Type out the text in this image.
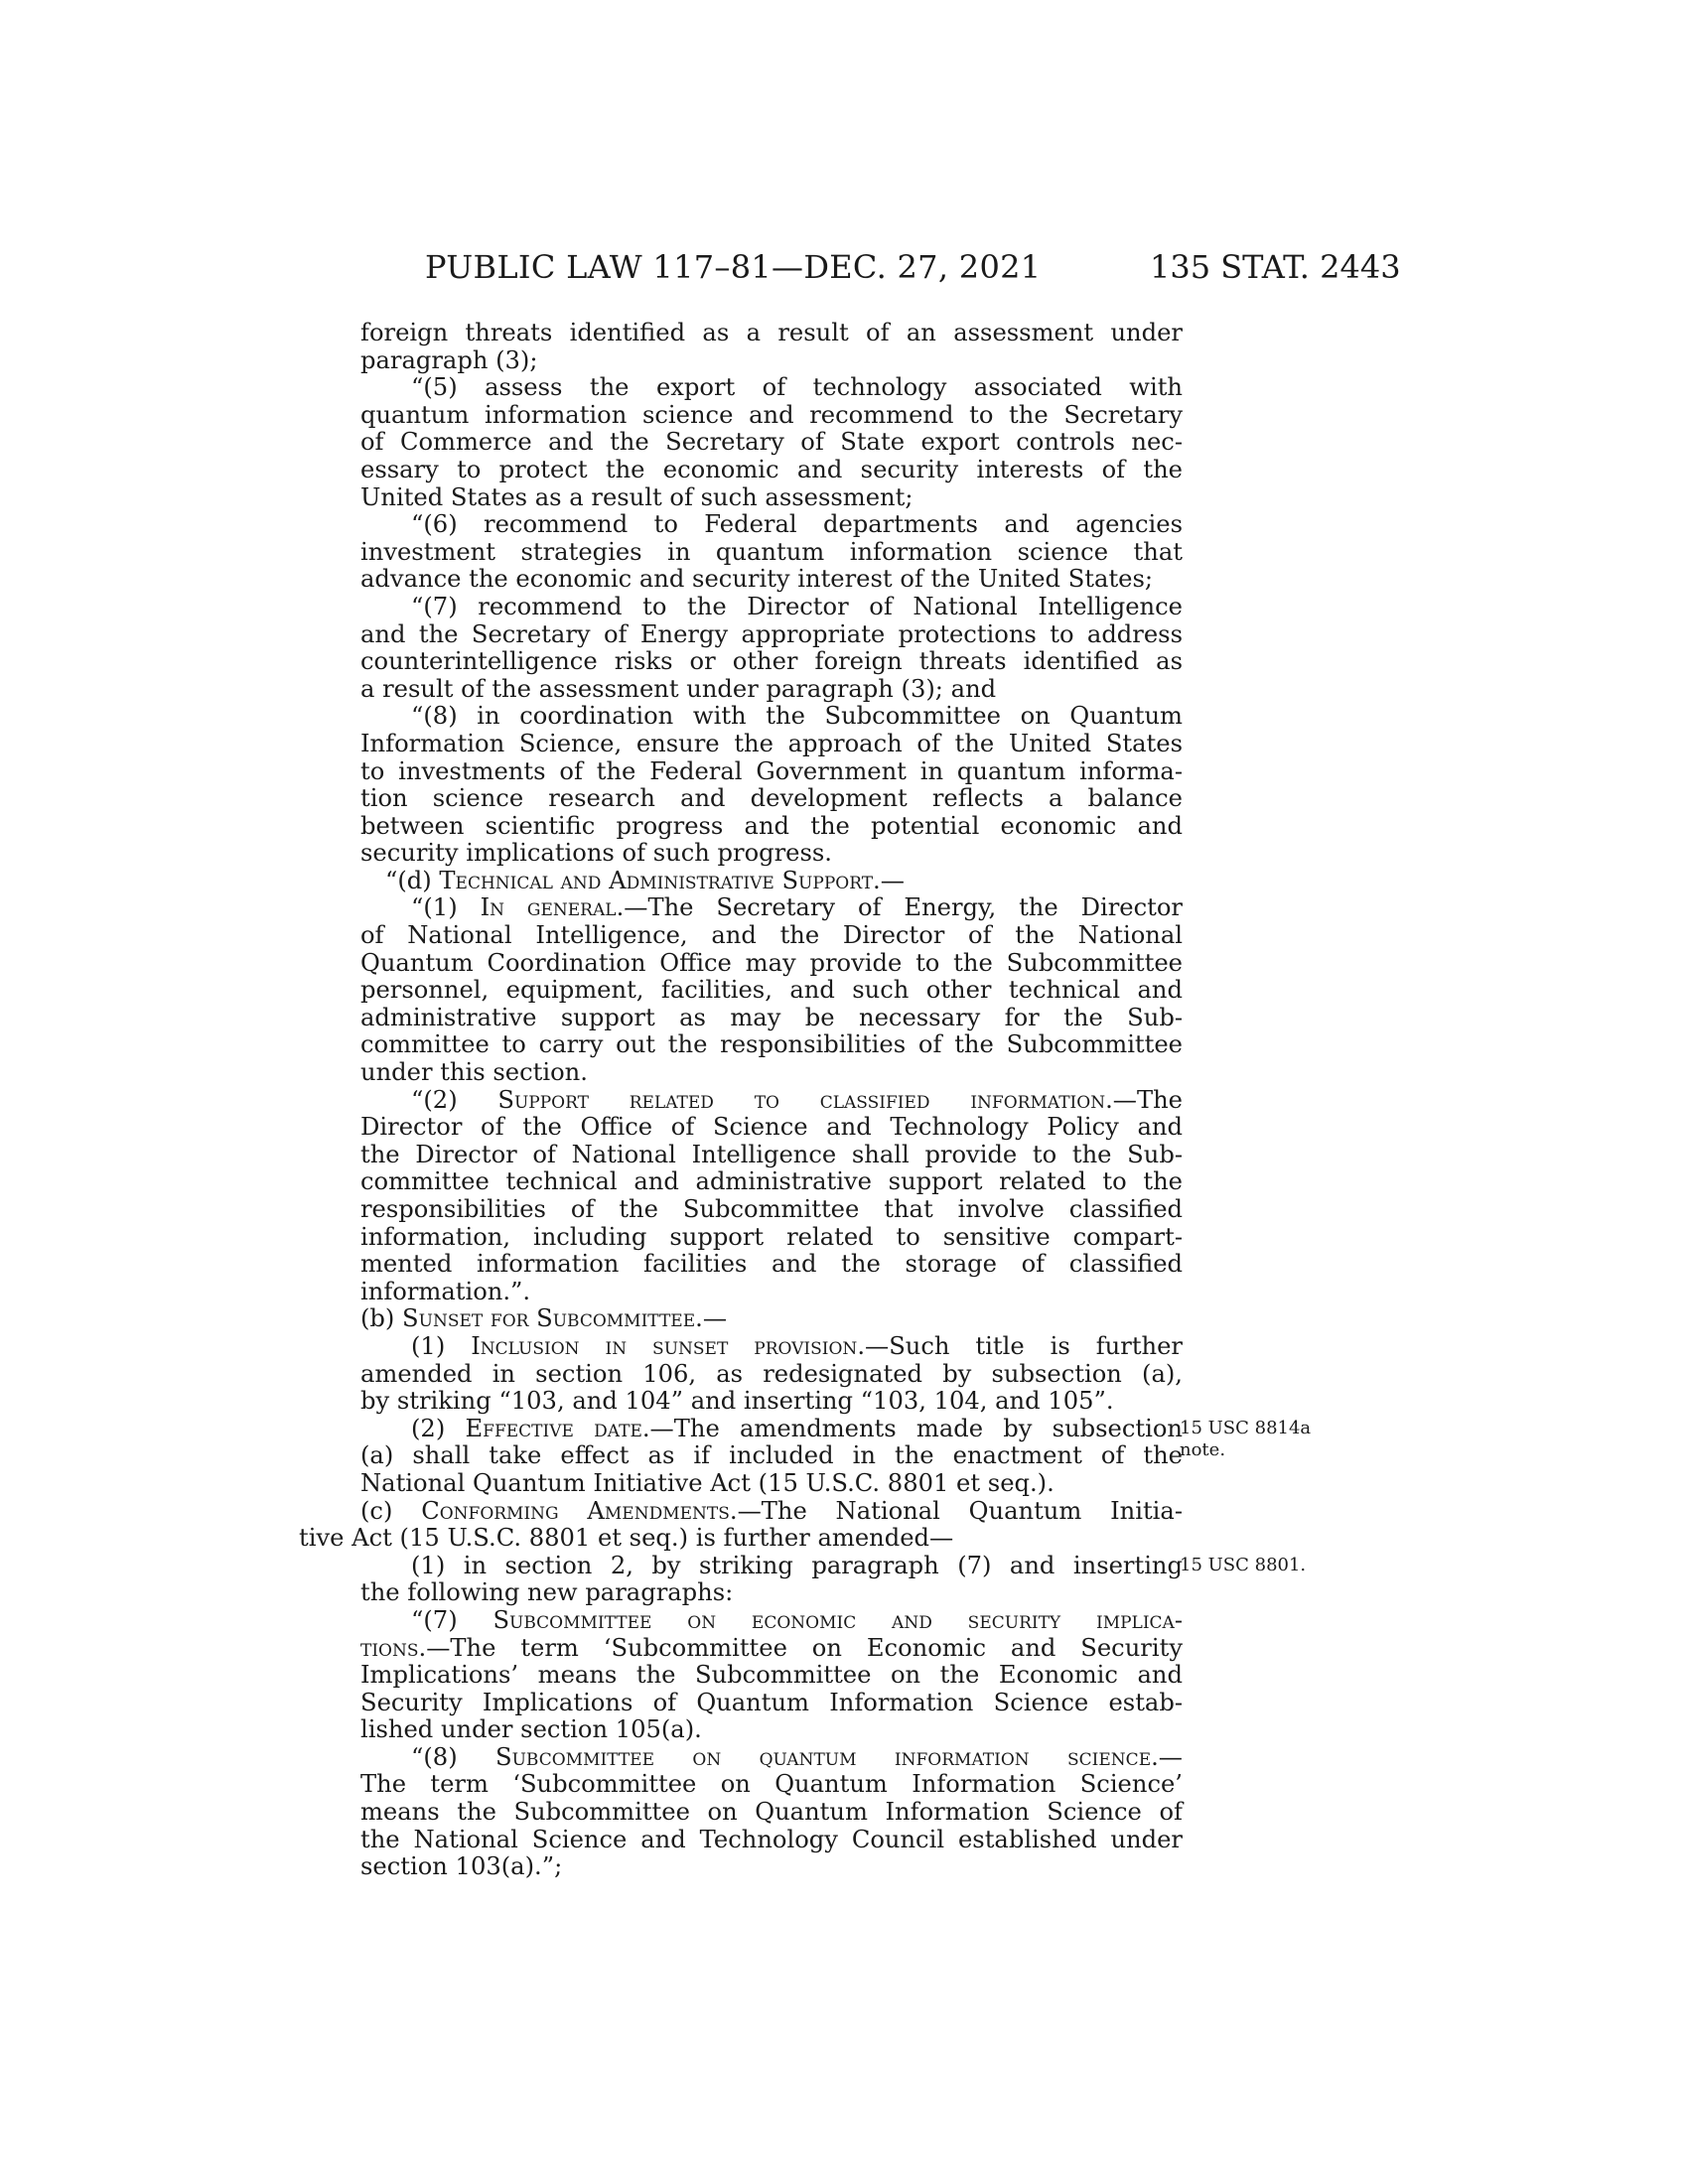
PUBLIC LAW 117–81—DEC. 27, 2021	135 STAT. 2443
foreign threats identified as a result of an assessment under
paragraph (3);
“(5) assess the export of technology associated with
quantum information science and recommend to the Secretary
of Commerce and the Secretary of State export controls nec-
essary to protect the economic and security interests of the
United States as a result of such assessment;
“(6) recommend to Federal departments and agencies
investment strategies in quantum information science that
advance the economic and security interest of the United States;
“(7) recommend to the Director of National Intelligence
and the Secretary of Energy appropriate protections to address
counterintelligence risks or other foreign threats identified as
a result of the assessment under paragraph (3); and
“(8) in coordination with the Subcommittee on Quantum
Information Science, ensure the approach of the United States
to investments of the Federal Government in quantum informa-
tion science research and development reflects a balance
between scientific progress and the potential economic and
security implications of such progress.
“(d) Technical and Administrative Support.—
“(1) In general.—The Secretary of Energy, the Director
of National Intelligence, and the Director of the National
Quantum Coordination Office may provide to the Subcommittee
personnel, equipment, facilities, and such other technical and
administrative support as may be necessary for the Sub-
committee to carry out the responsibilities of the Subcommittee
under this section.
“(2) Support related to classified information.—The
Director of the Office of Science and Technology Policy and
the Director of National Intelligence shall provide to the Sub-
committee technical and administrative support related to the
responsibilities of the Subcommittee that involve classified
information, including support related to sensitive compart-
mented information facilities and the storage of classified
information.”.
(b) Sunset for Subcommittee.—
(1) Inclusion in sunset provision.—Such title is further
amended in section 106, as redesignated by subsection (a),
by striking “103, and 104” and inserting “103, 104, and 105”.
(2) Effective date.—The amendments made by subsection
(a) shall take effect as if included in the enactment of the
National Quantum Initiative Act (15 U.S.C. 8801 et seq.).
(c) Conforming Amendments.—The National Quantum Initia-
tive Act (15 U.S.C. 8801 et seq.) is further amended—
(1) in section 2, by striking paragraph (7) and inserting
the following new paragraphs:
“(7) Subcommittee on economic and security implica-
tions.—The term ‘Subcommittee on Economic and Security
Implications’ means the Subcommittee on the Economic and
Security Implications of Quantum Information Science estab-
lished under section 105(a).
“(8) Subcommittee on quantum information science.—
The term ‘Subcommittee on Quantum Information Science’
means the Subcommittee on Quantum Information Science of
the National Science and Technology Council established under
section 103(a).”;
15 USC 8814a
note.
15 USC 8801.
